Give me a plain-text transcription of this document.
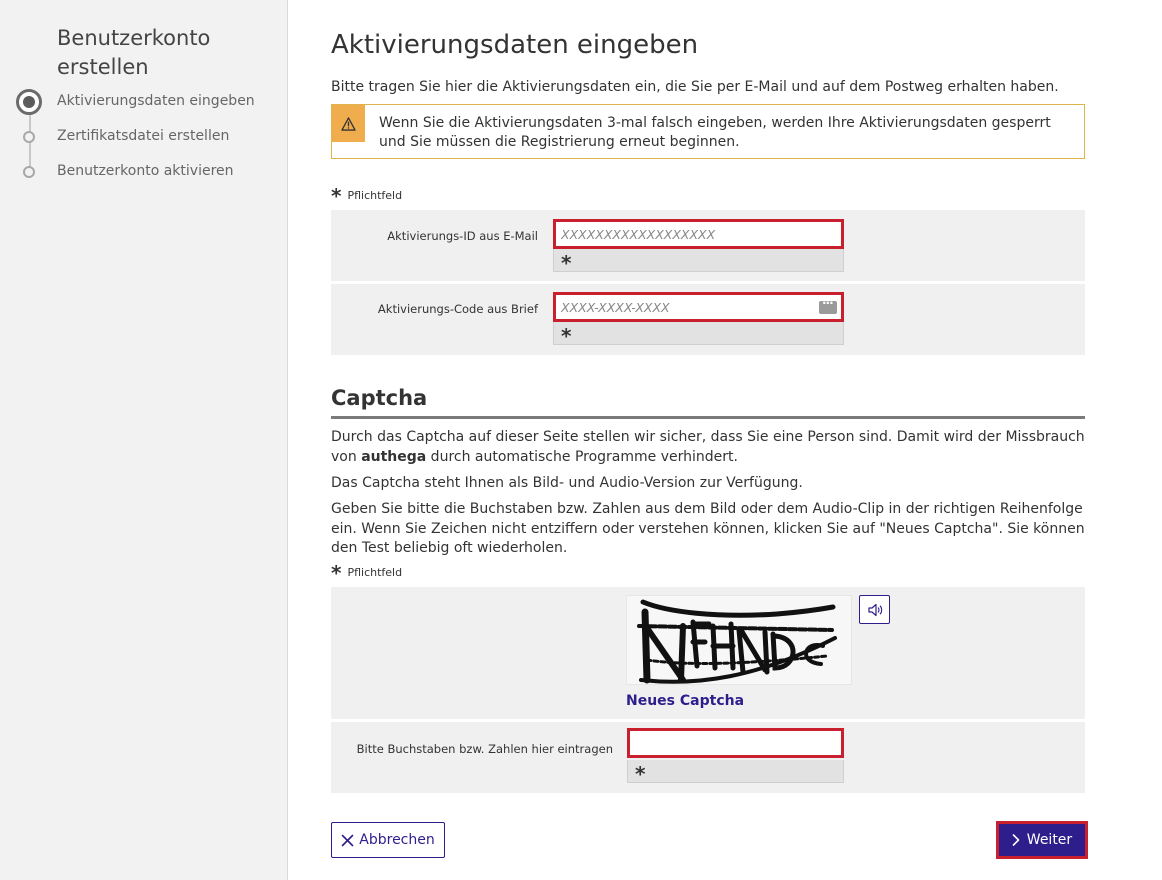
Benutzerkonto
erstellen
Aktivierungsdaten eingeben
Zertifikatsdatei erstellen
Benutzerkonto aktivieren
Aktivierungsdaten eingeben

Bitte tragen Sie hier die Aktivierungsdaten ein, die Sie per E-Mail und auf dem Postweg erhalten haben.

Wenn Sie die Aktivierungsdaten 3-mal falsch eingeben, werden Ihre Aktivierungsdaten gesperrt und Sie müssen die Registrierung erneut beginnen.
* Pflichtfeld
Aktivierungs-ID aus E-Mail
XXXXXXXXXXXXXXXXXX
*
Aktivierungs-Code aus Brief
XXXX-XXXX-XXXX
···
*
Captcha

Durch das Captcha auf dieser Seite stellen wir sicher, dass Sie eine Person sind. Damit wird der Missbrauch von authega durch automatische Programme verhindert.

Das Captcha steht Ihnen als Bild- und Audio-Version zur Verfügung.

Geben Sie bitte die Buchstaben bzw. Zahlen aus dem Bild oder dem Audio-Clip in der richtigen Reihenfolge ein. Wenn Sie Zeichen nicht entziffern oder verstehen können, klicken Sie auf "Neues Captcha". Sie können den Test beliebig oft wiederholen.

* Pflichtfeld
Neues Captcha
Bitte Buchstaben bzw. Zahlen hier eintragen
*
Abbrechen	Weiter
